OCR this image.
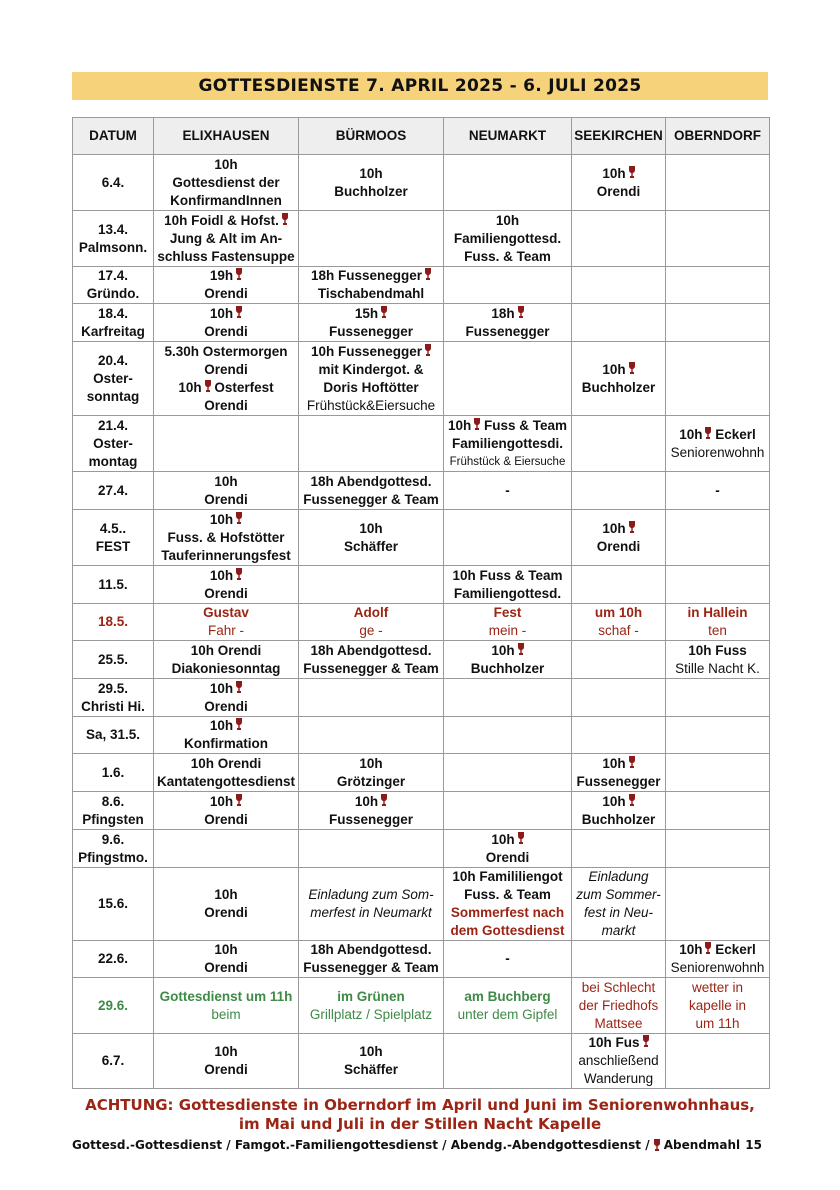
GOTTESDIENSTE 7. APRIL 2025 - 6. JULI 2025
DATUM	ELIXHAUSEN	BÜRMOOS	NEUMARKT	SEEKIRCHEN	OBERNDORF

6.4.	10h
Gottesdienst der
KonfirmandInnen	10h
Buchholzer		10h
Orendi	

13.4.
Palmsonn.	10h Foidl & Hofst.
Jung & Alt im An-
schluss Fastensuppe		10h
Familiengottesd.
Fuss. & Team		

17.4.
Gründo.	19h
Orendi	18h Fussenegger
Tischabendmahl			

18.4.
Karfreitag	10h
Orendi	15h
Fussenegger	18h
Fussenegger		

20.4.
Oster-
sonntag	5.30h Ostermorgen
Orendi
10h
Osterfest
Orendi	10h Fussenegger
mit Kindergot. &
Doris Hoftötter
Frühstück&Eiersuche		10h
Buchholzer	

21.4.
Oster-
montag			10h
Fuss & Team
Familiengottesdi.
Frühstück & Eiersuche		10h
Eckerl
Seniorenwohnh

27.4.	10h
Orendi	18h Abendgottesd.
Fussenegger & Team	-		-

4.5..
FEST	10h
Fuss. & Hofstötter
Tauferinnerungsfest	10h
Schäffer		10h
Orendi	

11.5.	10h
Orendi		10h Fuss & Team
Familiengottesd.		

18.5.	Gustav
Fahr -	Adolf
ge -	Fest
mein -	um 10h
schaf -	in Hallein
ten

25.5.	10h Orendi
Diakoniesonntag	18h Abendgottesd.
Fussenegger & Team	10h
Buchholzer		10h Fuss
Stille Nacht K.

29.5.
Christi Hi.	10h
Orendi				

Sa, 31.5.	10h
Konfirmation				

1.6.	10h Orendi
Kantatengottesdienst	10h
Grötzinger		10h
Fussenegger	

8.6.
Pfingsten	10h
Orendi	10h
Fussenegger		10h
Buchholzer	

9.6.
Pfingstmo.			10h
Orendi		

15.6.	10h
Orendi	Einladung zum Som-
merfest in Neumarkt	10h Famililiengot
Fuss. & Team
Sommerfest nach
dem Gottesdienst	Einladung
zum Sommer-
fest in Neu-
markt	

22.6.	10h
Orendi	18h Abendgottesd.
Fussenegger & Team	-		10h
Eckerl
Seniorenwohnh

29.6.	Gottesdienst um 11h
beim	im Grünen
Grillplatz / Spielplatz	am Buchberg
unter dem Gipfel	bei Schlecht
der Friedhofs
Mattsee	wetter in
kapelle in
um 11h

6.7.	10h
Orendi	10h
Schäffer		10h Fus
anschließend
Wanderung	

ACHTUNG: Gottesdienste in Oberndorf im April und Juni im Seniorenwohnhaus,
im Mai und Juli in der Stillen Nacht Kapelle
Gottesd.-Gottesdienst / Famgot.-Familiengottesdienst / Abendg.-Abendgottesdienst /
Abendmahl 15
